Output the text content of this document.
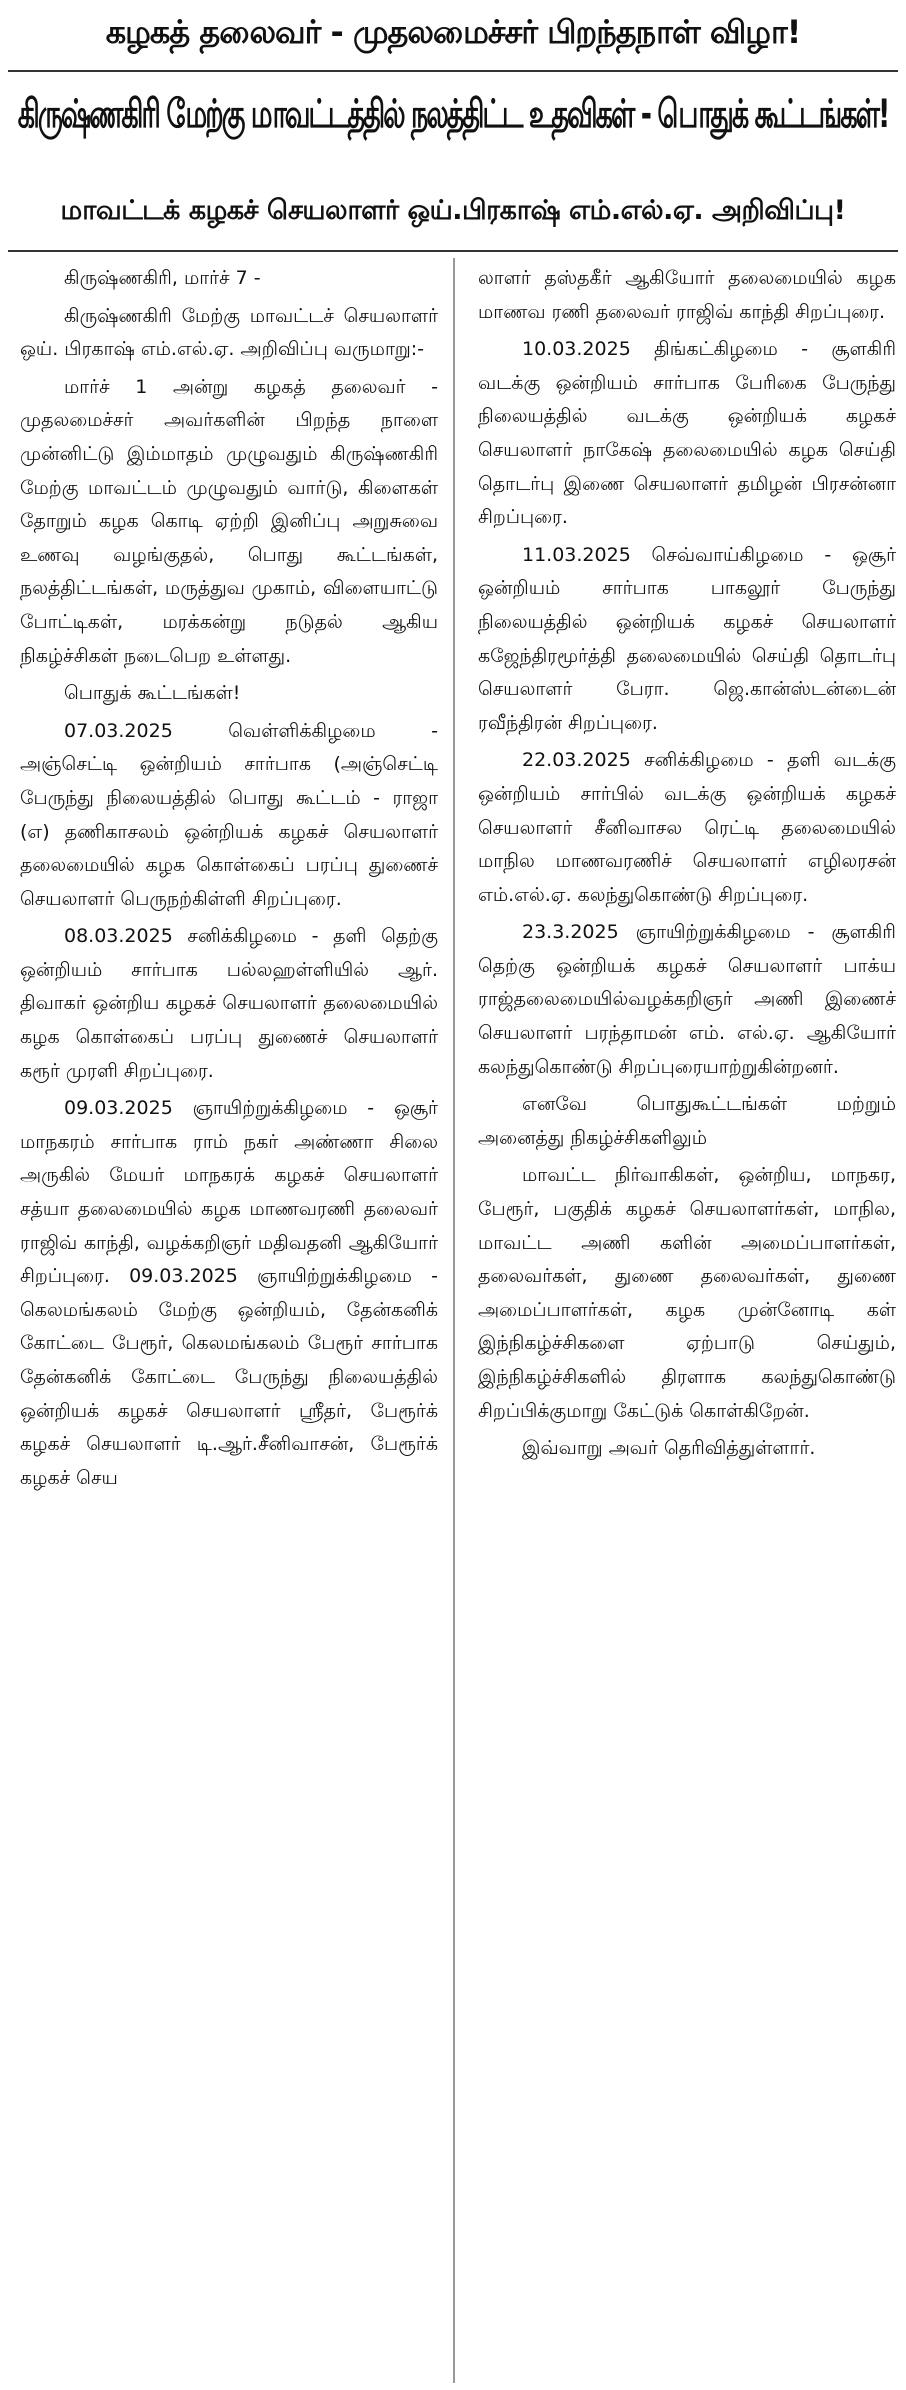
கழகத் தலைவர் - முதலமைச்சர் பிறந்தநாள் விழா!
கிருஷ்ணகிரி மேற்கு மாவட்டத்தில் நலத்திட்ட உதவிகள் - பொதுக் கூட்டங்கள்!
மாவட்டக் கழகச் செயலாளர் ஒய்.பிரகாஷ் எம்.எல்.ஏ. அறிவிப்பு!

கிருஷ்ணகிரி, மார்ச் 7 -

கிருஷ்ணகிரி மேற்கு மாவட்டச் செயலாளர் ஒய். பிரகாஷ் எம்.எல்.ஏ. அறிவிப்பு வருமாறு:-

மார்ச் 1 அன்று கழகத் தலைவர் - முதலமைச்சர் அவர்களின் பிறந்த நாளை முன்னிட்டு இம்மாதம் முழுவதும் கிருஷ்ணகிரி மேற்கு மாவட்டம் முழுவதும் வார்டு, கிளைகள் தோறும் கழக கொடி ஏற்றி இனிப்பு அறுசுவை உணவு வழங்குதல், பொது கூட்டங்கள், நலத்திட்டங்கள், மருத்துவ முகாம், விளையாட்டு போட்டிகள், மரக்கன்று நடுதல் ஆகிய நிகழ்ச்சிகள் நடைபெற உள்ளது.

பொதுக் கூட்டங்கள்!

07.03.2025 வெள்ளிக்கிழமை - அஞ்செட்டி ஒன்றியம் சார்பாக (அஞ்செட்டி பேருந்து நிலையத்தில் பொது கூட்டம் - ராஜா (எ) தணிகாசலம் ஒன்றியக் கழகச் செயலாளர் தலைமையில் கழக கொள்கைப் பரப்பு துணைச் செயலாளர் பெருநற்கிள்ளி சிறப்புரை.

08.03.2025 சனிக்கிழமை - தளி தெற்கு ஒன்றியம் சார்பாக பல்லஹள்ளியில் ஆர். திவாகர் ஒன்றிய கழகச் செயலாளர் தலைமையில் கழக கொள்கைப் பரப்பு துணைச் செயலாளர் கரூர் முரளி சிறப்புரை.

09.03.2025 ஞாயிற்றுக்கிழமை - ஒசூர் மாநகரம் சார்பாக ராம் நகர் அண்ணா சிலை அருகில் மேயர் மாநகரக் கழகச் செயலாளர் சத்யா தலைமையில் கழக மாணவரணி தலைவர் ராஜிவ் காந்தி, வழக்கறிஞர் மதிவதனி ஆகியோர் சிறப்புரை. 09.03.2025 ஞாயிற்றுக்கிழமை - கெலமங்கலம் மேற்கு ஒன்றியம், தேன்கனிக் கோட்டை பேரூர், கெலமங்கலம் பேரூர் சார்பாக தேன்கனிக் கோட்டை பேருந்து நிலையத்தில் ஒன்றியக் கழகச் செயலாளர் ஸ்ரீதர், பேரூர்க் கழகச் செயலாளர் டி.ஆர்.சீனிவாசன், பேரூர்க் கழகச் செய

லாளர் தஸ்தகீர் ஆகியோர் தலைமையில் கழக மாணவ ரணி தலைவர் ராஜிவ் காந்தி சிறப்புரை.

10.03.2025 திங்கட்கிழமை - சூளகிரி வடக்கு ஒன்றியம் சார்பாக பேரிகை பேருந்து நிலையத்தில் வடக்கு ஒன்றியக் கழகச் செயலாளர் நாகேஷ் தலைமையில் கழக செய்தி தொடர்பு இணை செயலாளர் தமிழன் பிரசன்னா சிறப்புரை.

11.03.2025 செவ்வாய்கிழமை - ஒசூர் ஒன்றியம் சார்பாக பாகலூர் பேருந்து நிலையத்தில் ஒன்றியக் கழகச் செயலாளர் கஜேந்திரமூர்த்தி தலைமையில் செய்தி தொடர்பு செயலாளர் பேரா. ஜெ.கான்ஸ்டன்டைன் ரவீந்திரன் சிறப்புரை.

22.03.2025 சனிக்கிழமை - தளி வடக்கு ஒன்றியம் சார்பில் வடக்கு ஒன்றியக் கழகச் செயலாளர் சீனிவாசல ரெட்டி தலைமையில் மாநில மாணவரணிச் செயலாளர் எழிலரசன் எம்.எல்.ஏ. கலந்துகொண்டு சிறப்புரை.

23.3.2025 ஞாயிற்றுக்கிழமை - சூளகிரி தெற்கு ஒன்றியக் கழகச் செயலாளர் பாக்ய ராஜ்தலைமையில்வழக்கறிஞர் அணி இணைச் செயலாளர் பரந்தாமன் எம். எல்.ஏ. ஆகியோர் கலந்துகொண்டு சிறப்புரையாற்றுகின்றனர்.

எனவே பொதுகூட்டங்கள் மற்றும் அனைத்து நிகழ்ச்சிகளிலும்

மாவட்ட நிர்வாகிகள், ஒன்றிய, மாநகர, பேரூர், பகுதிக் கழகச் செயலாளர்கள், மாநில, மாவட்ட அணி களின் அமைப்பாளர்கள், தலைவர்கள், துணை தலைவர்கள், துணை அமைப்பாளர்கள், கழக முன்னோடி கள் இந்நிகழ்ச்சிகளை ஏற்பாடு செய்தும், இந்நிகழ்ச்சிகளில் திரளாக கலந்துகொண்டு சிறப்பிக்குமாறு கேட்டுக் கொள்கிறேன்.

இவ்வாறு அவர் தெரிவித்துள்ளார்.
